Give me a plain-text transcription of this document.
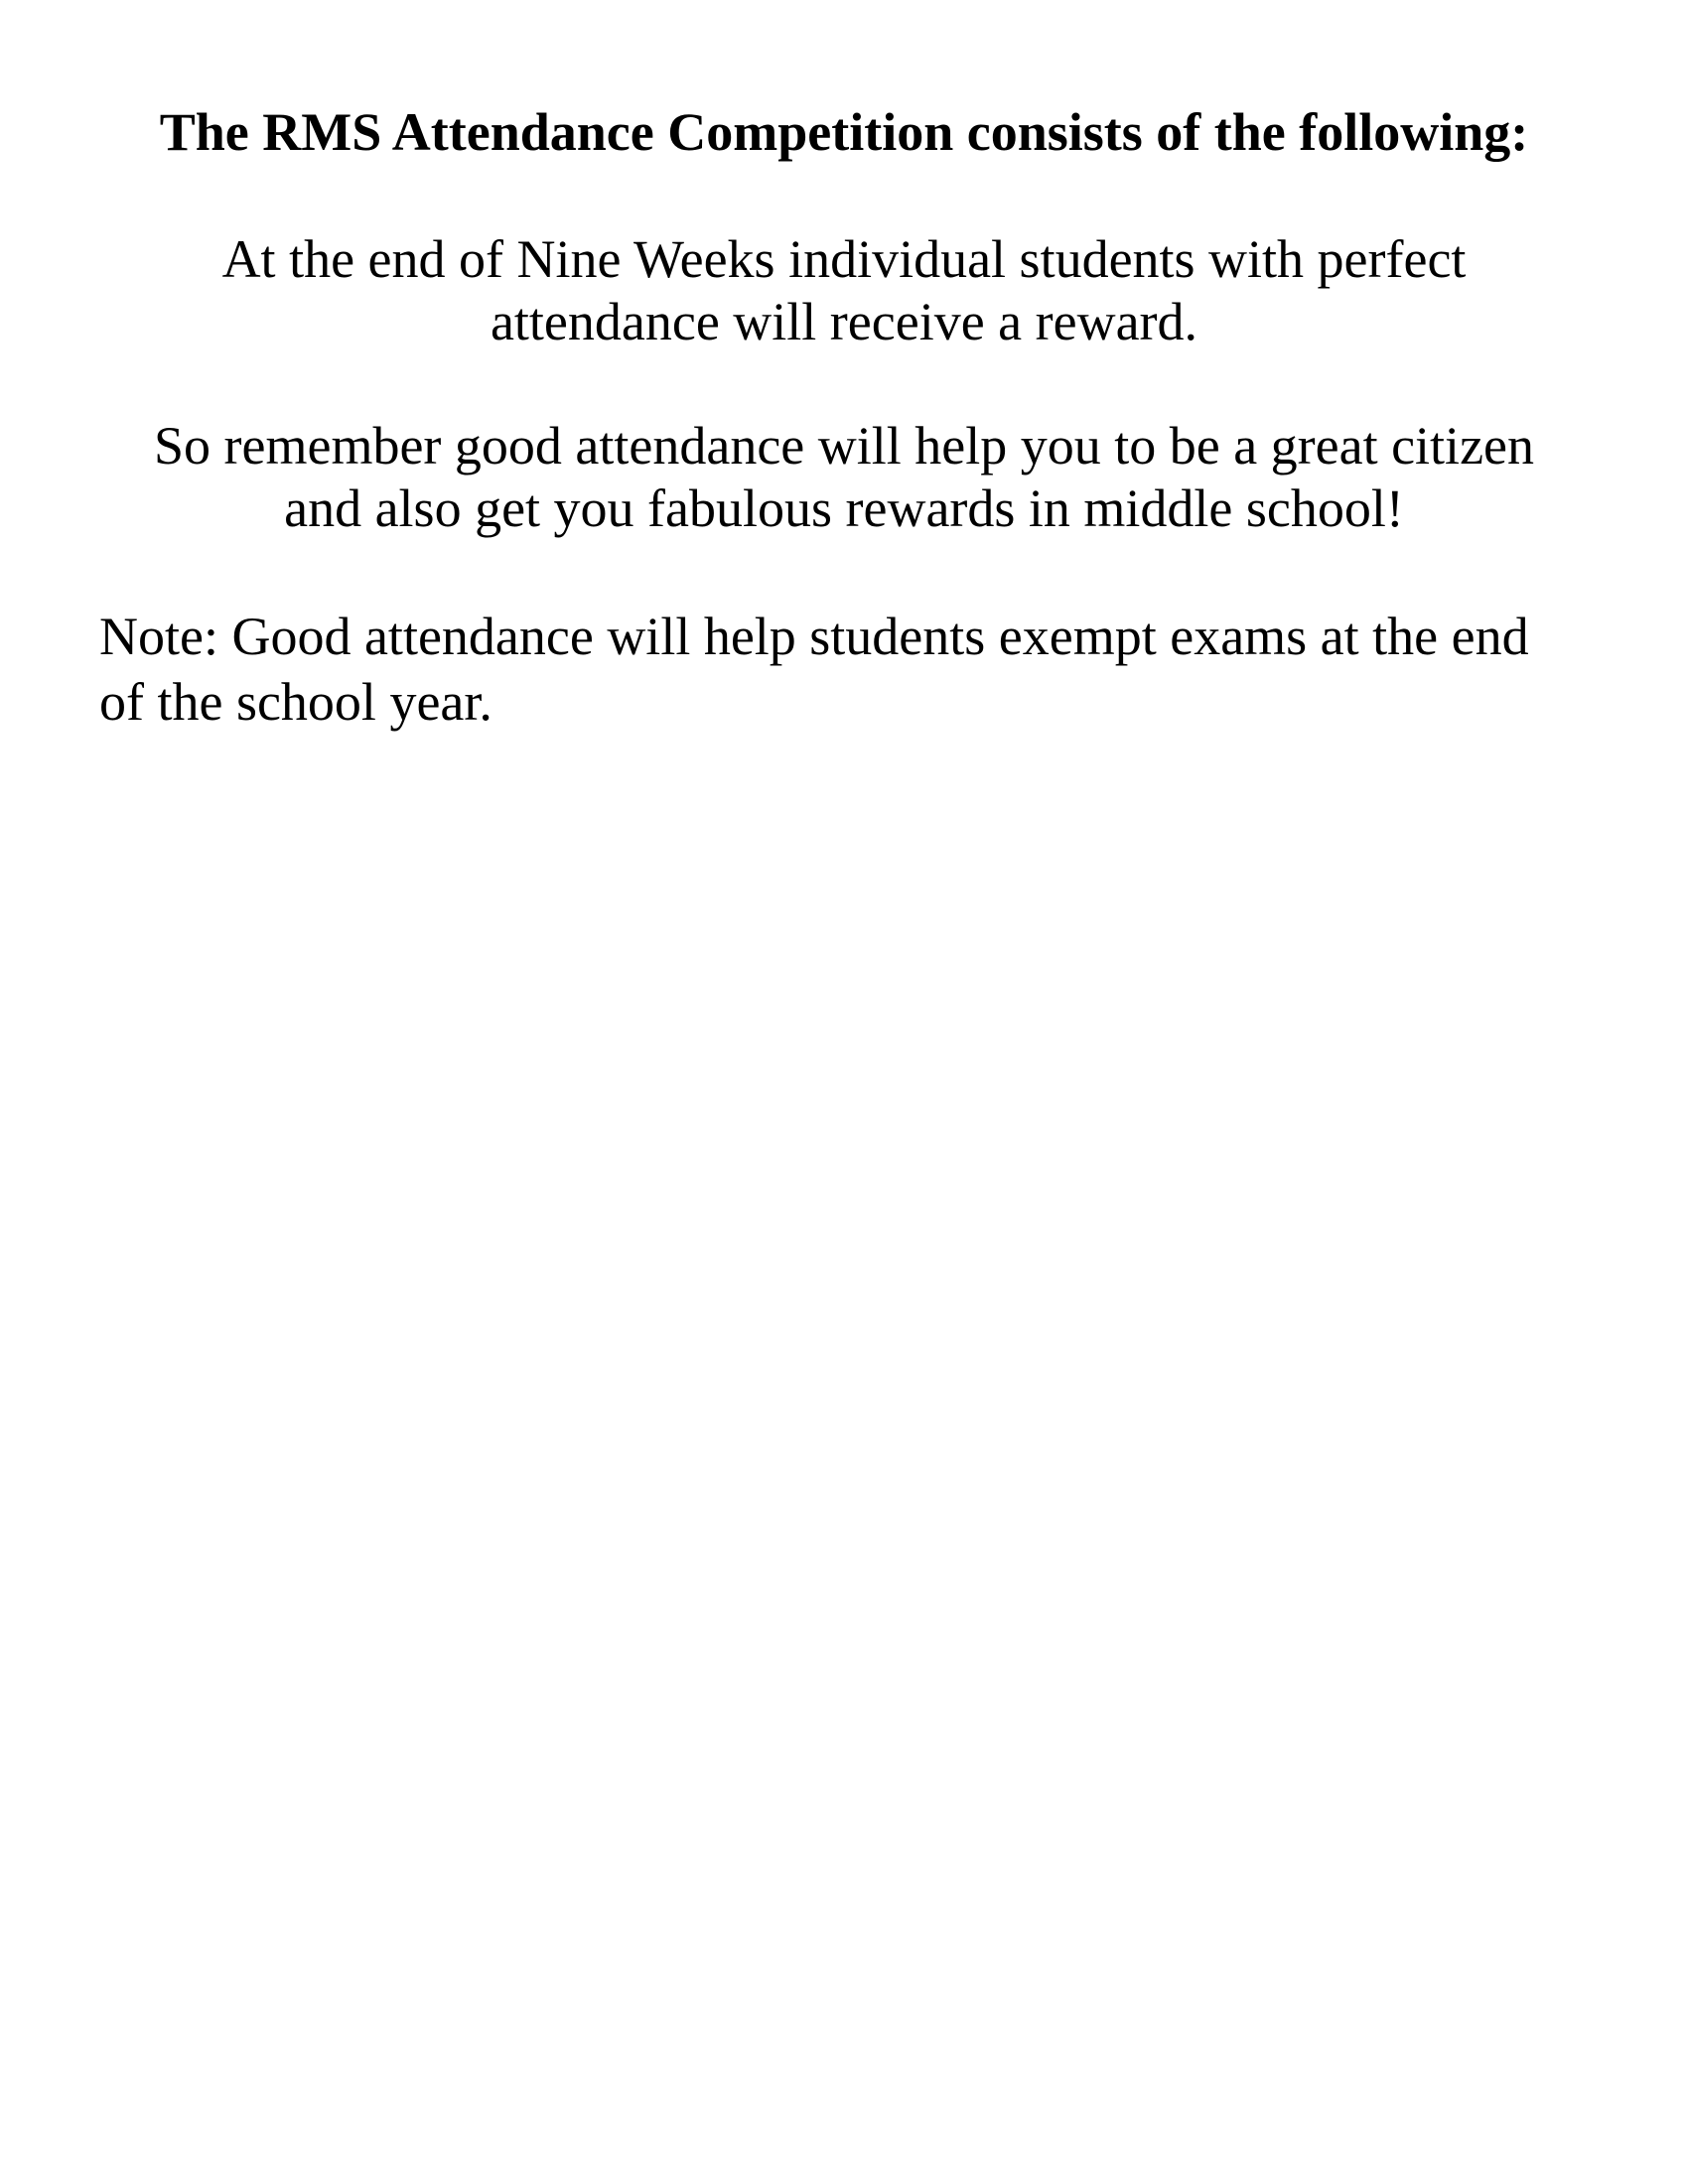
The RMS Attendance Competition consists of the following:
At the end of Nine Weeks individual students with perfect
attendance will receive a reward.
So remember good attendance will help you to be a great citizen
and also get you fabulous rewards in middle school!
Note: Good attendance will help students exempt exams at the end
of the school year.
